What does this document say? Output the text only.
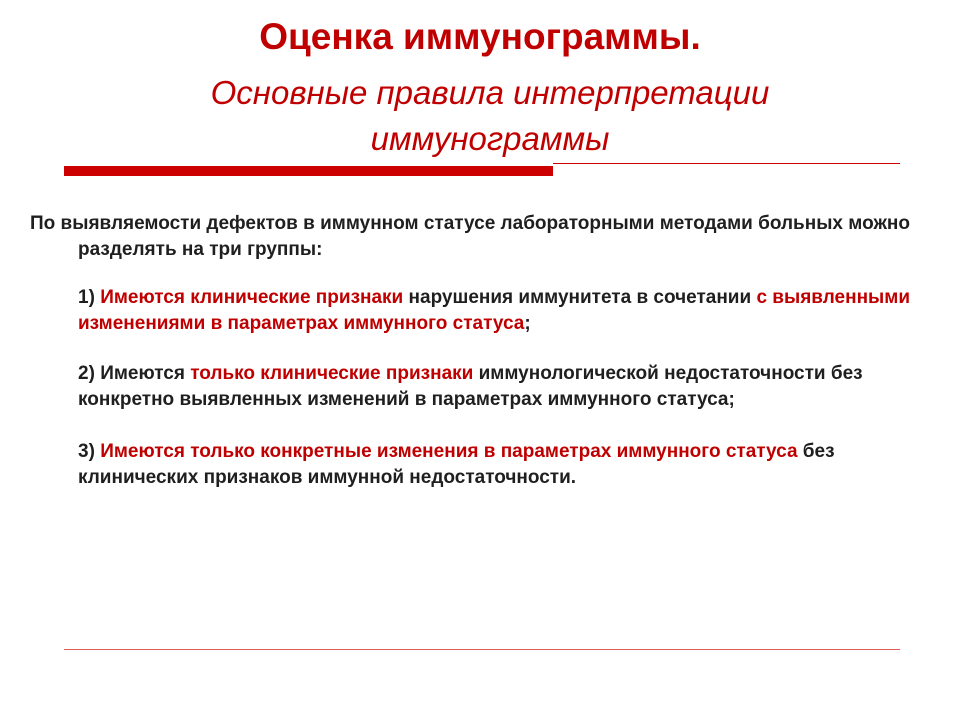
Оценка иммунограммы.
Основные правила интерпретации иммунограммы

По выявляемости дефектов в иммунном статусе лабораторными методами больных можно разделять на три группы:

1) Имеются клинические признаки нарушения иммунитета в сочетании с выявленными изменениями в параметрах иммунного статуса;
2) Имеются только клинические признаки иммунологической недостаточности без конкретно выявленных изменений в параметрах иммунного статуса;
3) Имеются только конкретные изменения в параметрах иммунного статуса без клинических признаков иммунной недостаточности.
